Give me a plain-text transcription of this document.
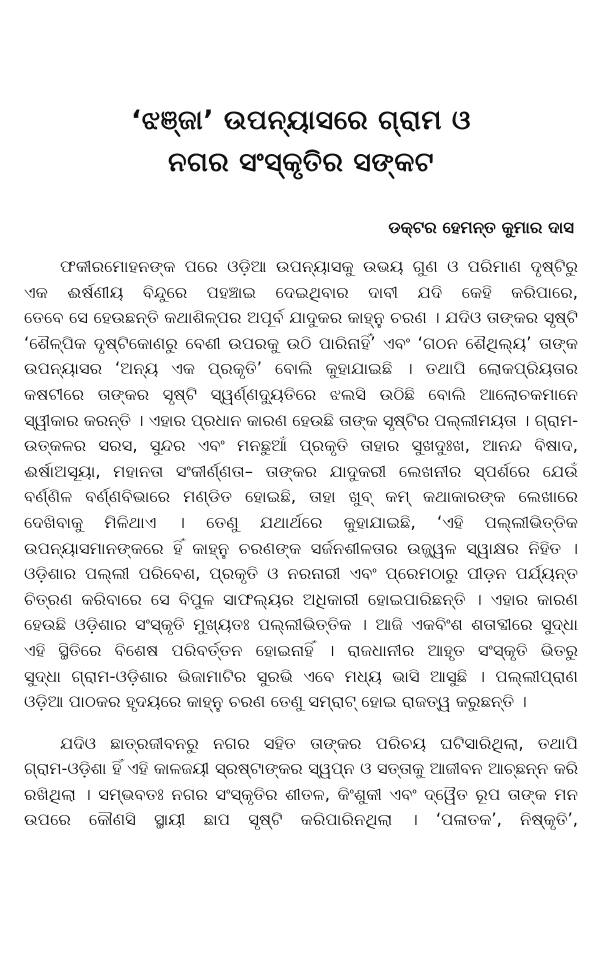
‘ଝଞ୍ଜା’ ଉପନ୍ୟାସରେ ଗ୍ରାମ ଓ
ନଗର ସଂସ୍କୃତିର ସଙ୍କଟ
ଡକ୍ଟର ହେମନ୍ତ କୁମାର ଦାସ

ଫକୀରମୋହନଙ୍କ ପରେ ଓଡ଼ିଆ ଉପନ୍ୟାସକୁ ଉଭୟ ଗୁଣ ଓ ପରିମାଣ ଦୃଷ୍ଟିରୁ
ଏକ ଈର୍ଷଣୀୟ ବିନ୍ଦୁରେ ପହଞ୍ଚାଇ ଦେଇଥିବାର ଦାବୀ ଯଦି କେହି କରିପାରେ,
ତେବେ ସେ ହେଉଛନ୍ତି କଥାଶିଳ୍ପର ଅପୂର୍ବ ଯାଦୁକର କାହ୍ନୁ ଚରଣ । ଯଦିଓ ତାଙ୍କର ସୃଷ୍ଟି
‘ଶୈଳ୍ପିକ ଦୃଷ୍ଟିକୋଣରୁ ବେଶୀ ଉପରକୁ ଉଠି ପାରିନାହିଁ’ ଏବଂ ‘ଗଠନ ଶୈଥିଲ୍ୟ’ ତାଙ୍କ
ଉପନ୍ୟାସର ‘ଅନ୍ୟ ଏକ ପ୍ରକୃତି’ ବୋଲି କୁହାଯାଇଛି । ତଥାପି ଲୋକପ୍ରିୟତାର
କଷଟୀରେ ତାଙ୍କର ସୃଷ୍ଟି ସ୍ୱର୍ଣ୍ଣଦ୍ୟୁତିରେ ଝଲସି ଉଠିଛି ବୋଲି ଆଲୋଚକମାନେ
ସ୍ୱୀକାର କରନ୍ତି । ଏହାର ପ୍ରଧାନ କାରଣ ହେଉଛି ତାଙ୍କ ସୃଷ୍ଟିର ପଲ୍ଲୀମୟତା । ଗ୍ରାମ-
ଉତ୍କଳର ସରସ, ସୁନ୍ଦର ଏବଂ ମନଛୁଆଁ ପ୍ରକୃତି ତାହାର ସୁଖଦୁଃଖ, ଆନନ୍ଦ ବିଷାଦ,
ଈର୍ଷାଅସୂୟା, ମହାନତା ସଂକୀର୍ଣ୍ଣତା– ତାଙ୍କର ଯାଦୁକରୀ ଲେଖନୀର ସ୍ପର୍ଶରେ ଯେଉଁ
ବର୍ଣ୍ଣିଳ ବର୍ଣ୍ଣବିଭାରେ ମଣ୍ଡିତ ହୋଇଛି, ତାହା ଖୁବ୍ କମ୍ କଥାକାରଙ୍କ ଲେଖାରେ
ଦେଖିବାକୁ ମିଳିଥାଏ । ତେଣୁ ଯଥାର୍ଥରେ କୁହାଯାଇଛି, ‘ଏହି ପଲ୍ଲୀଭିତ୍ତିକ
ଉପନ୍ୟାସମାନଙ୍କରେ ହିଁ କାହ୍ନୁ ଚରଣଙ୍କ ସର୍ଜନଶୀଳତାର ଉଜ୍ଜ୍ୱଳ ସ୍ୱାକ୍ଷର ନିହିତ ।
ଓଡ଼ିଶାର ପଲ୍ଲୀ ପରିବେଶ, ପ୍ରକୃତି ଓ ନରନାରୀ ଏବଂ ପ୍ରେମଠାରୁ ପୀଡ଼ନ ପର୍ଯ୍ୟନ୍ତ
ଚିତ୍ରଣ କରିବାରେ ସେ ବିପୁଳ ସାଫଲ୍ୟର ଅଧିକାରୀ ହୋଇପାରିଛନ୍ତି । ଏହାର କାରଣ
ହେଉଛି ଓଡ଼ିଶାର ସଂସ୍କୃତି ମୁଖ୍ୟତଃ ପଲ୍ଲୀଭିତ୍ତିକ । ଆଜି ଏକବିଂଶ ଶତାବ୍ଦୀରେ ସୁଦ୍ଧା
ଏହି ସ୍ଥିତିରେ ବିଶେଷ ପରିବର୍ତ୍ତନ ହୋଇନାହିଁ । ରାଜଧାନୀର ଆହୃତ ସଂସ୍କୃତି ଭିତରୁ
ସୁଦ୍ଧା ଗ୍ରାମ-ଓଡ଼ିଶାର ଭିଜାମାଟିର ସୁରଭି ଏବେ ମଧ୍ୟ ଭାସି ଆସୁଛି । ପଲ୍ଲୀପ୍ରାଣ
ଓଡ଼ିଆ ପାଠକର ହୃଦୟରେ କାହ୍ନୁ ଚରଣ ତେଣୁ ସମ୍ରାଟ୍ ହୋଇ ରାଜତ୍ୱ କରୁଛନ୍ତି ।

ଯଦିଓ ଛାତ୍ରଜୀବନରୁ ନଗର ସହିତ ତାଙ୍କର ପରିଚୟ ଘଟିସାରିଥିଲା, ତଥାପି
ଗ୍ରାମ-ଓଡ଼ିଶା ହିଁ ଏହି କାଳଜୟୀ ସ୍ରଷ୍ଟାଙ୍କର ସ୍ୱପ୍ନ ଓ ସତ୍ତାକୁ ଆଜୀବନ ଆଚ୍ଛନ୍ନ କରି
ରଖିଥିଲା । ସମ୍ଭବତଃ ନଗର ସଂସ୍କୃତିର ଶୀତଳ, କିଂଶୁକୀ ଏବଂ ଦ୍ୱୈତ ରୂପ ତାଙ୍କ ମନ
ଉପରେ କୌଣସି ସ୍ଥାୟୀ ଛାପ ସୃଷ୍ଟି କରିପାରିନଥିଲା । ‘ପଳାତକ’, ନିଷ୍କୃତି’,
